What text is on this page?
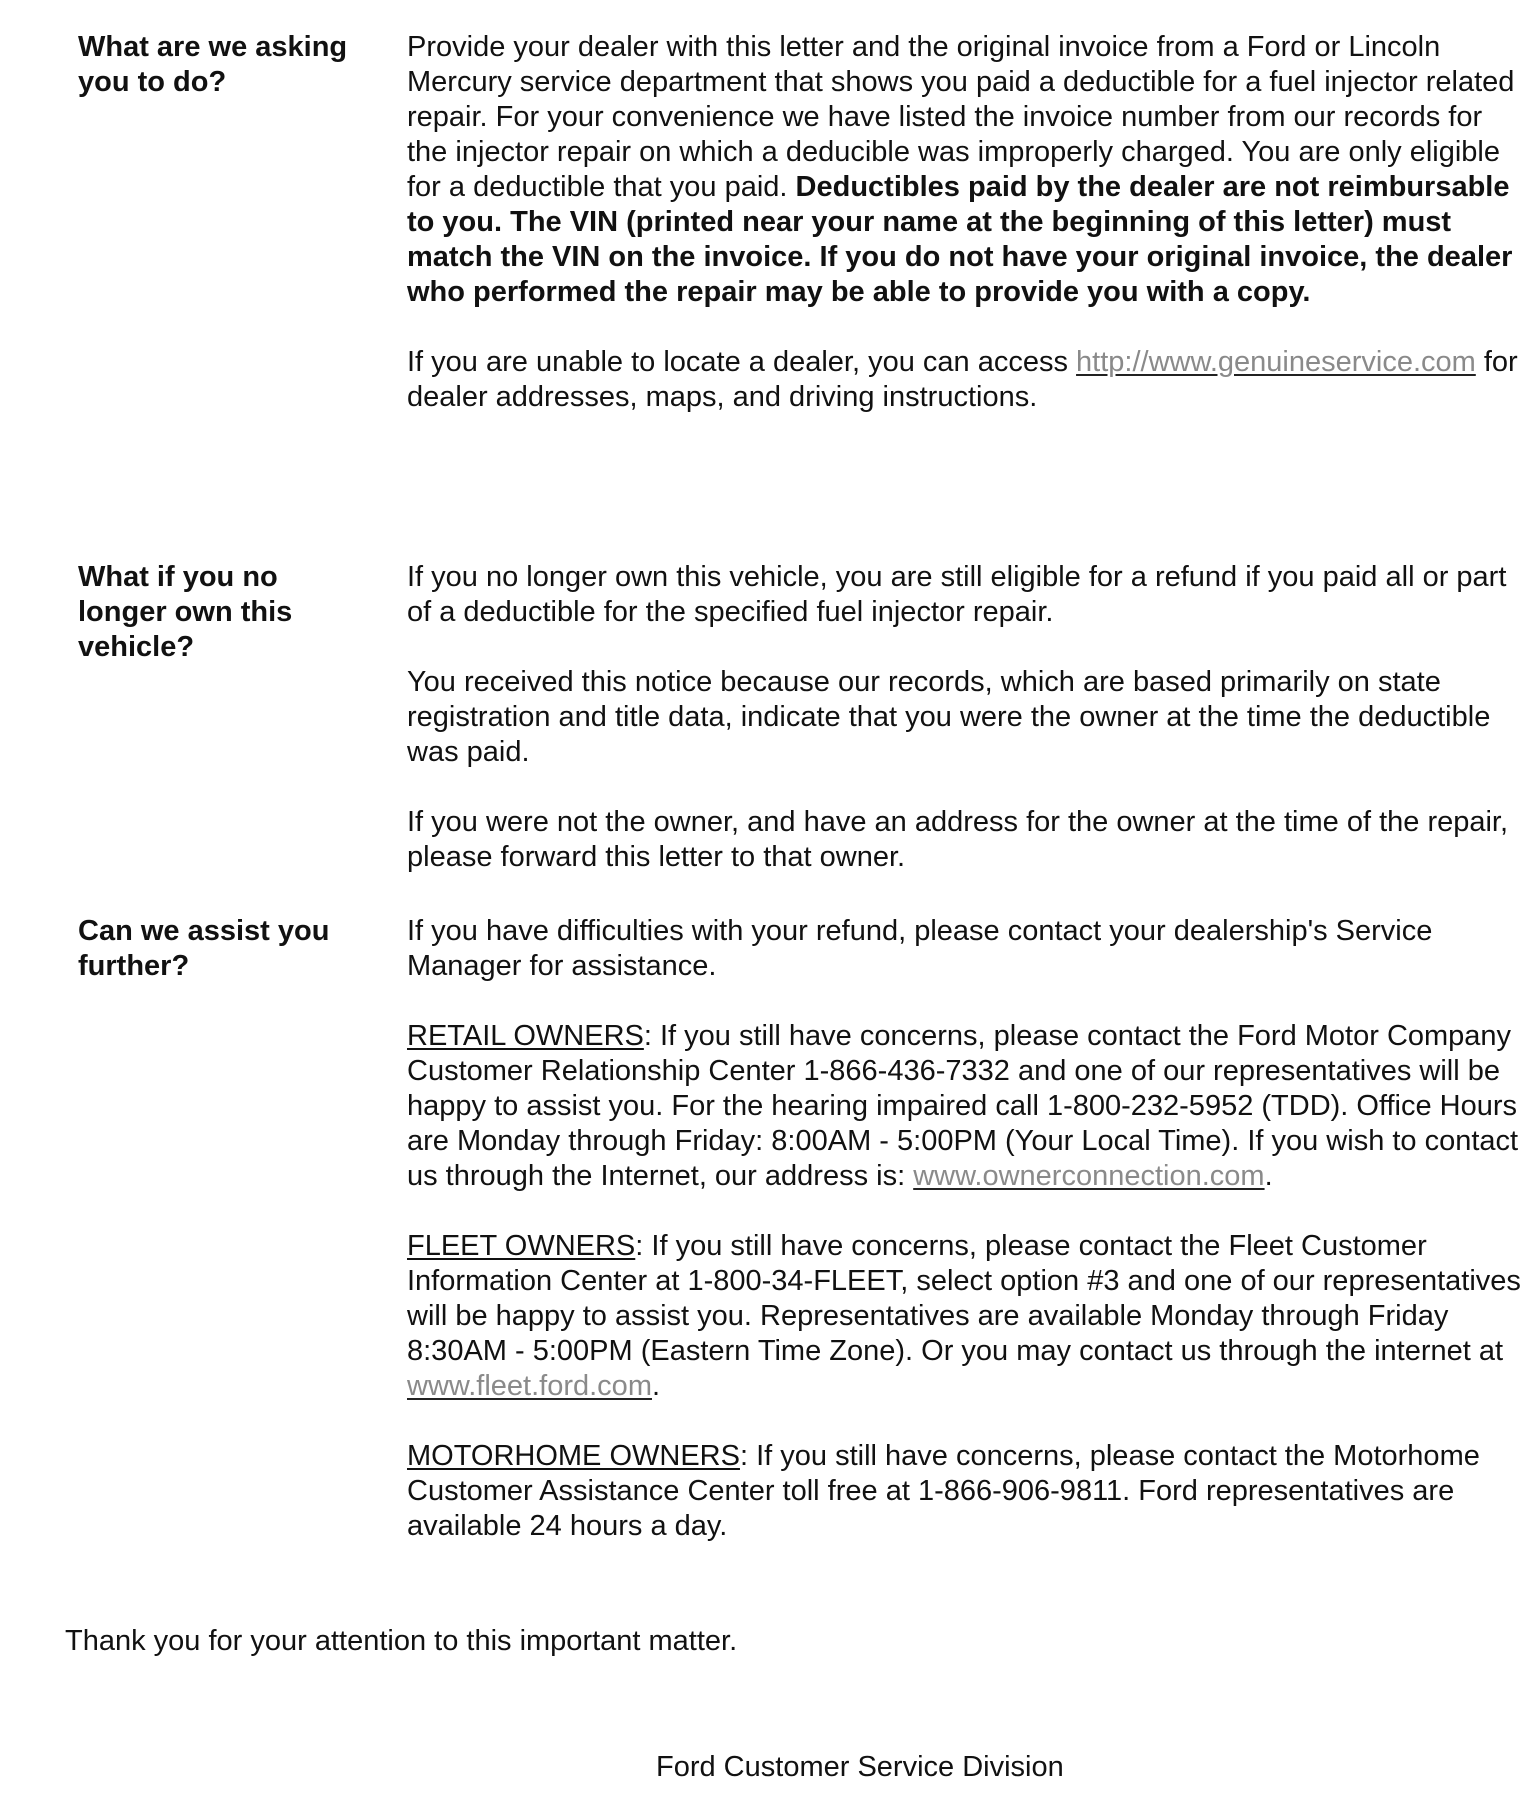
What are we asking you to do?

Provide your dealer with this letter and the original invoice from a Ford or Lincoln Mercury service department that shows you paid a deductible for a fuel injector related repair. For your convenience we have listed the invoice number from our records for the injector repair on which a deducible was improperly charged. You are only eligible for a deductible that you paid. Deductibles paid by the dealer are not reimbursable to you. The VIN (printed near your name at the beginning of this letter) must match the VIN on the invoice. If you do not have your original invoice, the dealer who performed the repair may be able to provide you with a copy.

If you are unable to locate a dealer, you can access http://www.genuineservice.com for dealer addresses, maps, and driving instructions.

What if you no longer own this vehicle?

If you no longer own this vehicle, you are still eligible for a refund if you paid all or part of a deductible for the specified fuel injector repair.

You received this notice because our records, which are based primarily on state registration and title data, indicate that you were the owner at the time the deductible was paid.

If you were not the owner, and have an address for the owner at the time of the repair, please forward this letter to that owner.

Can we assist you further?

If you have difficulties with your refund, please contact your dealership's Service Manager for assistance.

RETAIL OWNERS: If you still have concerns, please contact the Ford Motor Company Customer Relationship Center 1-866-436-7332 and one of our representatives will be happy to assist you. For the hearing impaired call 1-800-232-5952 (TDD). Office Hours are Monday through Friday: 8:00AM - 5:00PM (Your Local Time). If you wish to contact us through the Internet, our address is: www.ownerconnection.com.

FLEET OWNERS: If you still have concerns, please contact the Fleet Customer Information Center at 1-800-34-FLEET, select option #3 and one of our representatives will be happy to assist you. Representatives are available Monday through Friday 8:30AM - 5:00PM (Eastern Time Zone). Or you may contact us through the internet at www.fleet.ford.com.

MOTORHOME OWNERS: If you still have concerns, please contact the Motorhome Customer Assistance Center toll free at 1-866-906-9811. Ford representatives are available 24 hours a day.

Thank you for your attention to this important matter.
Ford Customer Service Division
